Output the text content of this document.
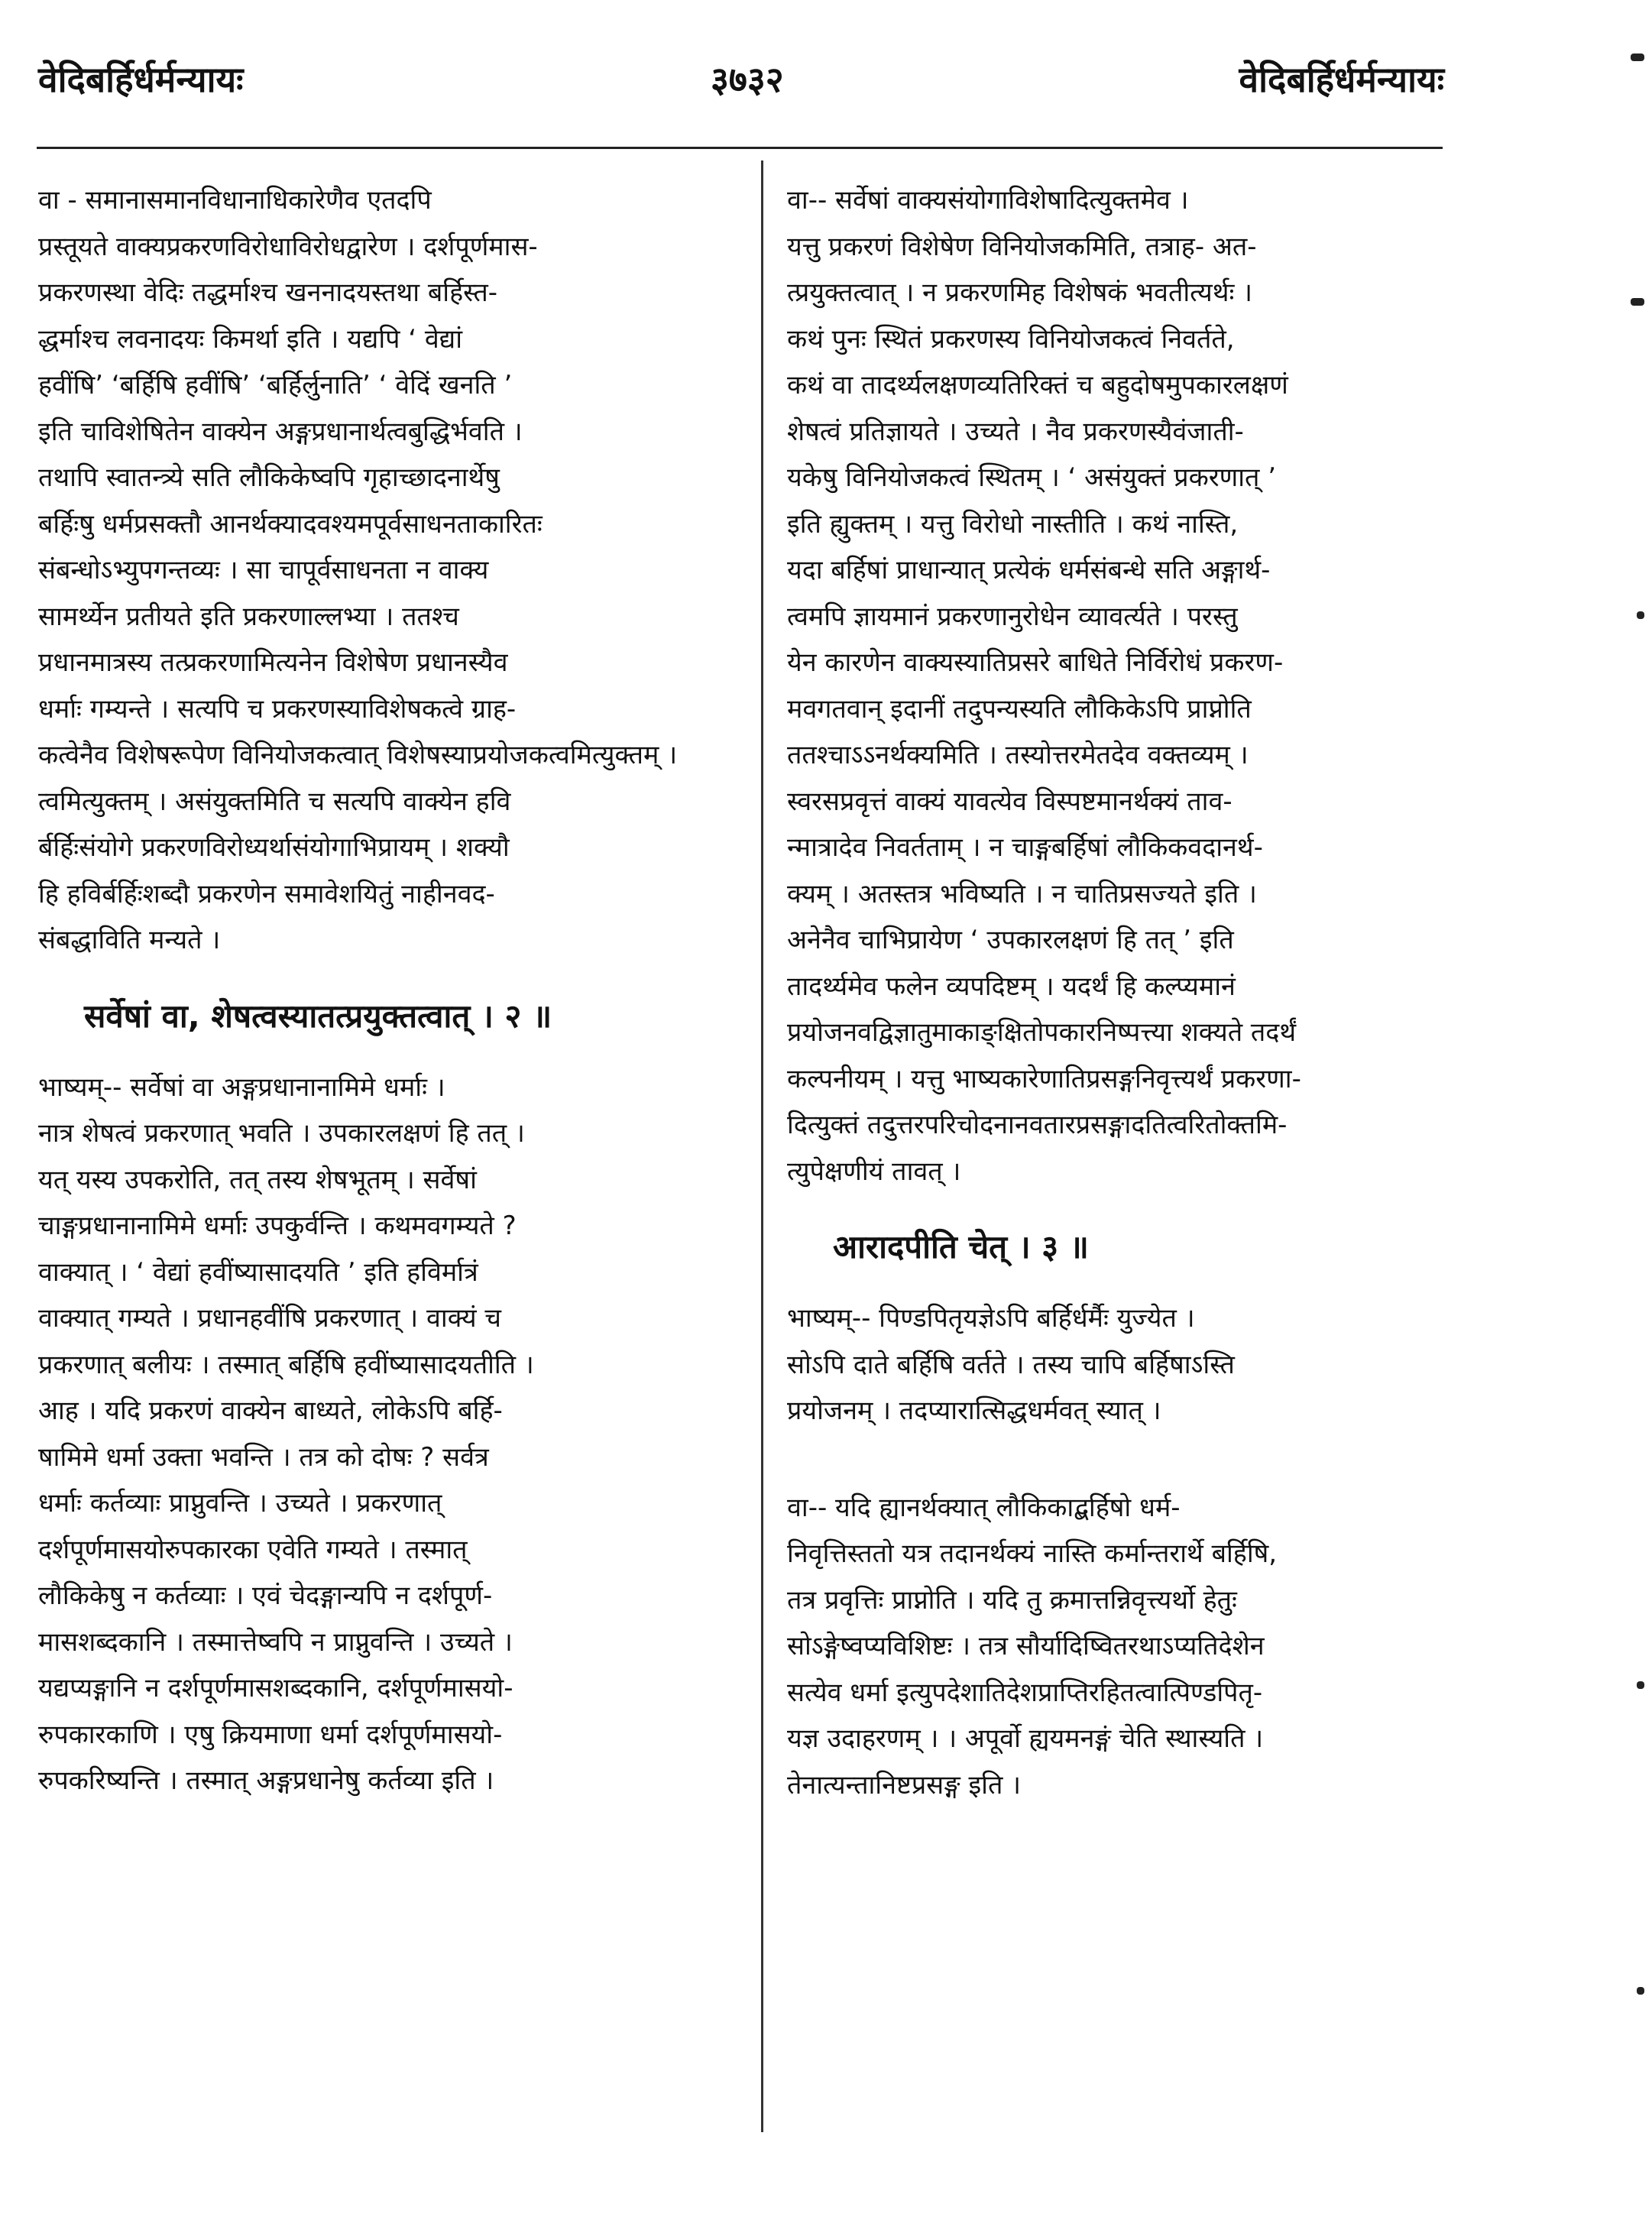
वेदिबर्हिर्धर्मन्यायः	३७३२	वेदिबर्हिर्धर्मन्यायः
वा - समानासमानविधानाधिकारेणैव एतदपि
प्रस्तूयते वाक्यप्रकरणविरोधाविरोधद्वारेण । दर्शपूर्णमास-
प्रकरणस्था वेदिः तद्धर्माश्च खननादयस्तथा बर्हिस्त-
द्धर्माश्च लवनादयः किमर्था इति । यद्यपि ‘ वेद्यां
हवींषि’ ‘बर्हिषि हवींषि’ ‘बर्हिर्लुनाति’ ‘ वेदिं खनति ’
इति चाविशेषितेन वाक्येन अङ्गप्रधानार्थत्वबुद्धिर्भवति ।
तथापि स्वातन्त्र्ये सति लौकिकेष्वपि गृहाच्छादनार्थेषु
बर्हिःषु धर्मप्रसक्तौ आनर्थक्यादवश्यमपूर्वसाधनताकारितः
संबन्धोऽभ्युपगन्तव्यः । सा चापूर्वसाधनता न वाक्य
सामर्थ्येन प्रतीयते इति प्रकरणाल्लभ्या । ततश्च
प्रधानमात्रस्य तत्प्रकरणामित्यनेन विशेषेण प्रधानस्यैव
धर्माः गम्यन्ते । सत्यपि च प्रकरणस्याविशेषकत्वे ग्राह-
कत्वेनैव विशेषरूपेण विनियोजकत्वात् विशेषस्याप्रयोजकत्वमित्युक्तम् ।
त्वमित्युक्तम् । असंयुक्तमिति च सत्यपि वाक्येन हवि
र्बर्हिःसंयोगे प्रकरणविरोध्यर्थासंयोगाभिप्रायम् । शक्यौ
हि हविर्बर्हिःशब्दौ प्रकरणेन समावेशयितुं नाहीनवद-
संबद्धाविति मन्यते ।
सर्वेषां वा, शेषत्वस्यातत्प्रयुक्तत्वात् । २ ॥
भाष्यम्-- सर्वेषां वा अङ्गप्रधानानामिमे धर्माः ।
नात्र शेषत्वं प्रकरणात् भवति । उपकारलक्षणं हि तत् ।
यत् यस्य उपकरोति, तत् तस्य शेषभूतम् । सर्वेषां
चाङ्गप्रधानानामिमे धर्माः उपकुर्वन्ति । कथमवगम्यते ?
वाक्यात् । ‘ वेद्यां हवींष्यासादयति ’ इति हविर्मात्रं
वाक्यात् गम्यते । प्रधानहवींषि प्रकरणात् । वाक्यं च
प्रकरणात् बलीयः । तस्मात् बर्हिषि हवींष्यासादयतीति ।
आह । यदि प्रकरणं वाक्येन बाध्यते, लोकेऽपि बर्हि-
षामिमे धर्मा उक्ता भवन्ति । तत्र को दोषः ? सर्वत्र
धर्माः कर्तव्याः प्राप्नुवन्ति । उच्यते । प्रकरणात्
दर्शपूर्णमासयोरुपकारका एवेति गम्यते । तस्मात्
लौकिकेषु न कर्तव्याः । एवं चेदङ्गान्यपि न दर्शपूर्ण-
मासशब्दकानि । तस्मात्तेष्वपि न प्राप्नुवन्ति । उच्यते ।
यद्यप्यङ्गानि न दर्शपूर्णमासशब्दकानि, दर्शपूर्णमासयो-
रुपकारकाणि । एषु क्रियमाणा धर्मा दर्शपूर्णमासयो-
रुपकरिष्यन्ति । तस्मात् अङ्गप्रधानेषु कर्तव्या इति ।
वा-- सर्वेषां वाक्यसंयोगाविशेषादित्युक्तमेव ।
यत्तु प्रकरणं विशेषेण विनियोजकमिति, तत्राह- अत-
त्प्रयुक्तत्वात् । न प्रकरणमिह विशेषकं भवतीत्यर्थः ।
कथं पुनः स्थितं प्रकरणस्य विनियोजकत्वं निवर्तते,
कथं वा तादर्थ्यलक्षणव्यतिरिक्तं च बहुदोषमुपकारलक्षणं
शेषत्वं प्रतिज्ञायते । उच्यते । नैव प्रकरणस्यैवंजाती-
यकेषु विनियोजकत्वं स्थितम् । ‘ असंयुक्तं प्रकरणात् ’
इति ह्युक्तम् । यत्तु विरोधो नास्तीति । कथं नास्ति,
यदा बर्हिषां प्राधान्यात् प्रत्येकं धर्मसंबन्धे सति अङ्गार्थ-
त्वमपि ज्ञायमानं प्रकरणानुरोधेन व्यावर्त्यते । परस्तु
येन कारणेन वाक्यस्यातिप्रसरे बाधिते निर्विरोधं प्रकरण-
मवगतवान् इदानीं तदुपन्यस्यति लौकिकेऽपि प्राप्नोति
ततश्चाऽऽनर्थक्यमिति । तस्योत्तरमेतदेव वक्तव्यम् ।
स्वरसप्रवृत्तं वाक्यं यावत्येव विस्पष्टमानर्थक्यं ताव-
न्मात्रादेव निवर्तताम् । न चाङ्गबर्हिषां लौकिकवदानर्थ-
क्यम् । अतस्तत्र भविष्यति । न चातिप्रसज्यते इति ।
अनेनैव चाभिप्रायेण ‘ उपकारलक्षणं हि तत् ’ इति
तादर्थ्यमेव फलेन व्यपदिष्टम् । यदर्थं हि कल्प्यमानं
प्रयोजनवद्विज्ञातुमाकाङ्क्षितोपकारनिष्पत्त्या शक्यते तदर्थं
कल्पनीयम् । यत्तु भाष्यकारेणातिप्रसङ्गनिवृत्त्यर्थं प्रकरणा-
दित्युक्तं तदुत्तरपरिचोदनानवतारप्रसङ्गादतित्वरितोक्तमि-
त्युपेक्षणीयं तावत् ।
आरादपीति चेत् । ३ ॥
भाष्यम्-- पिण्डपितृयज्ञेऽपि बर्हिर्धर्मैः युज्येत ।
सोऽपि दाते बर्हिषि वर्तते । तस्य चापि बर्हिषाऽस्ति
प्रयोजनम् । तदप्यारात्सिद्धधर्मवत् स्यात् ।
वा-- यदि ह्यानर्थक्यात् लौकिकाद्बर्हिषो धर्म-
निवृत्तिस्ततो यत्र तदानर्थक्यं नास्ति कर्मान्तरार्थे बर्हिषि,
तत्र प्रवृत्तिः प्राप्नोति । यदि तु क्रमात्तन्निवृत्त्यर्थो हेतुः
सोऽङ्गेष्वप्यविशिष्टः । तत्र सौर्यादिष्वितरथाऽप्यतिदेशेन
सत्येव धर्मा इत्युपदेशातिदेशप्राप्तिरहितत्वात्पिण्डपितृ-
यज्ञ उदाहरणम् । । अपूर्वो ह्ययमनङ्गं चेति स्थास्यति ।
तेनात्यन्तानिष्टप्रसङ्ग इति ।
